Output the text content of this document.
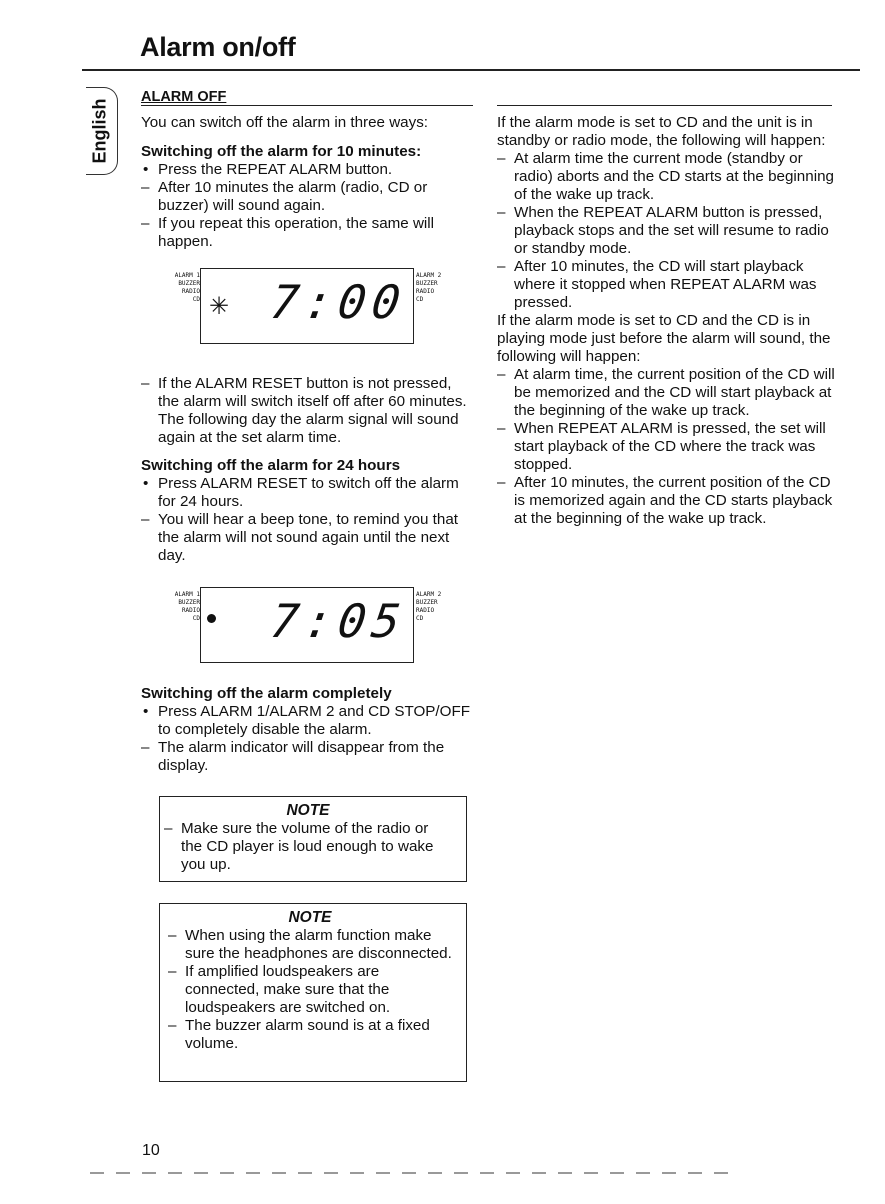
Alarm on/off
English
ALARM OFF

You can switch off the alarm in three ways:

Switching off the alarm for 10 minutes:

• Press the REPEAT ALARM button.

– After 10 minutes the alarm (radio, CD or buzzer) will sound again.

– If you repeat this operation, the same will happen.

ALARM 1
BUZZER
RADIO
CD ✳ 7:00 ALARM 2
BUZZER
RADIO
CD

– If the ALARM RESET button is not pressed, the alarm will switch itself off after 60 minutes. The following day the alarm signal will sound again at the set alarm time.

Switching off the alarm for 24 hours

• Press ALARM RESET to switch off the alarm for 24 hours.

– You will hear a beep tone, to remind you that the alarm will not sound again until the next day.

ALARM 1
BUZZER
RADIO
CD 7:05 ALARM 2
BUZZER
RADIO
CD

Switching off the alarm completely

• Press ALARM 1/ALARM 2 and CD STOP/OFF to completely disable the alarm.

– The alarm indicator will disappear from the display.

NOTE

– Make sure the volume of the radio or the CD player is loud enough to wake you up.

NOTE

– When using the alarm function make sure the headphones are disconnected.

– If amplified loudspeakers are connected, make sure that the loudspeakers are switched on.

– The buzzer alarm sound is at a fixed volume.

If the alarm mode is set to CD and the unit is in standby or radio mode, the following will happen:

– At alarm time the current mode (standby or radio) aborts and the CD starts at the beginning of the wake up track.

– When the REPEAT ALARM button is pressed, playback stops and the set will resume to radio or standby mode.

– After 10 minutes, the CD will start playback where it stopped when REPEAT ALARM was pressed.

If the alarm mode is set to CD and the CD is in playing mode just before the alarm will sound, the following will happen:

– At alarm time, the current position of the CD will be memorized and the CD will start playback at the beginning of the wake up track.

– When REPEAT ALARM is pressed, the set will start playback of the CD where the track was stopped.

– After 10 minutes, the current position of the CD is memorized again and the CD starts playback at the beginning of the wake up track.

10
